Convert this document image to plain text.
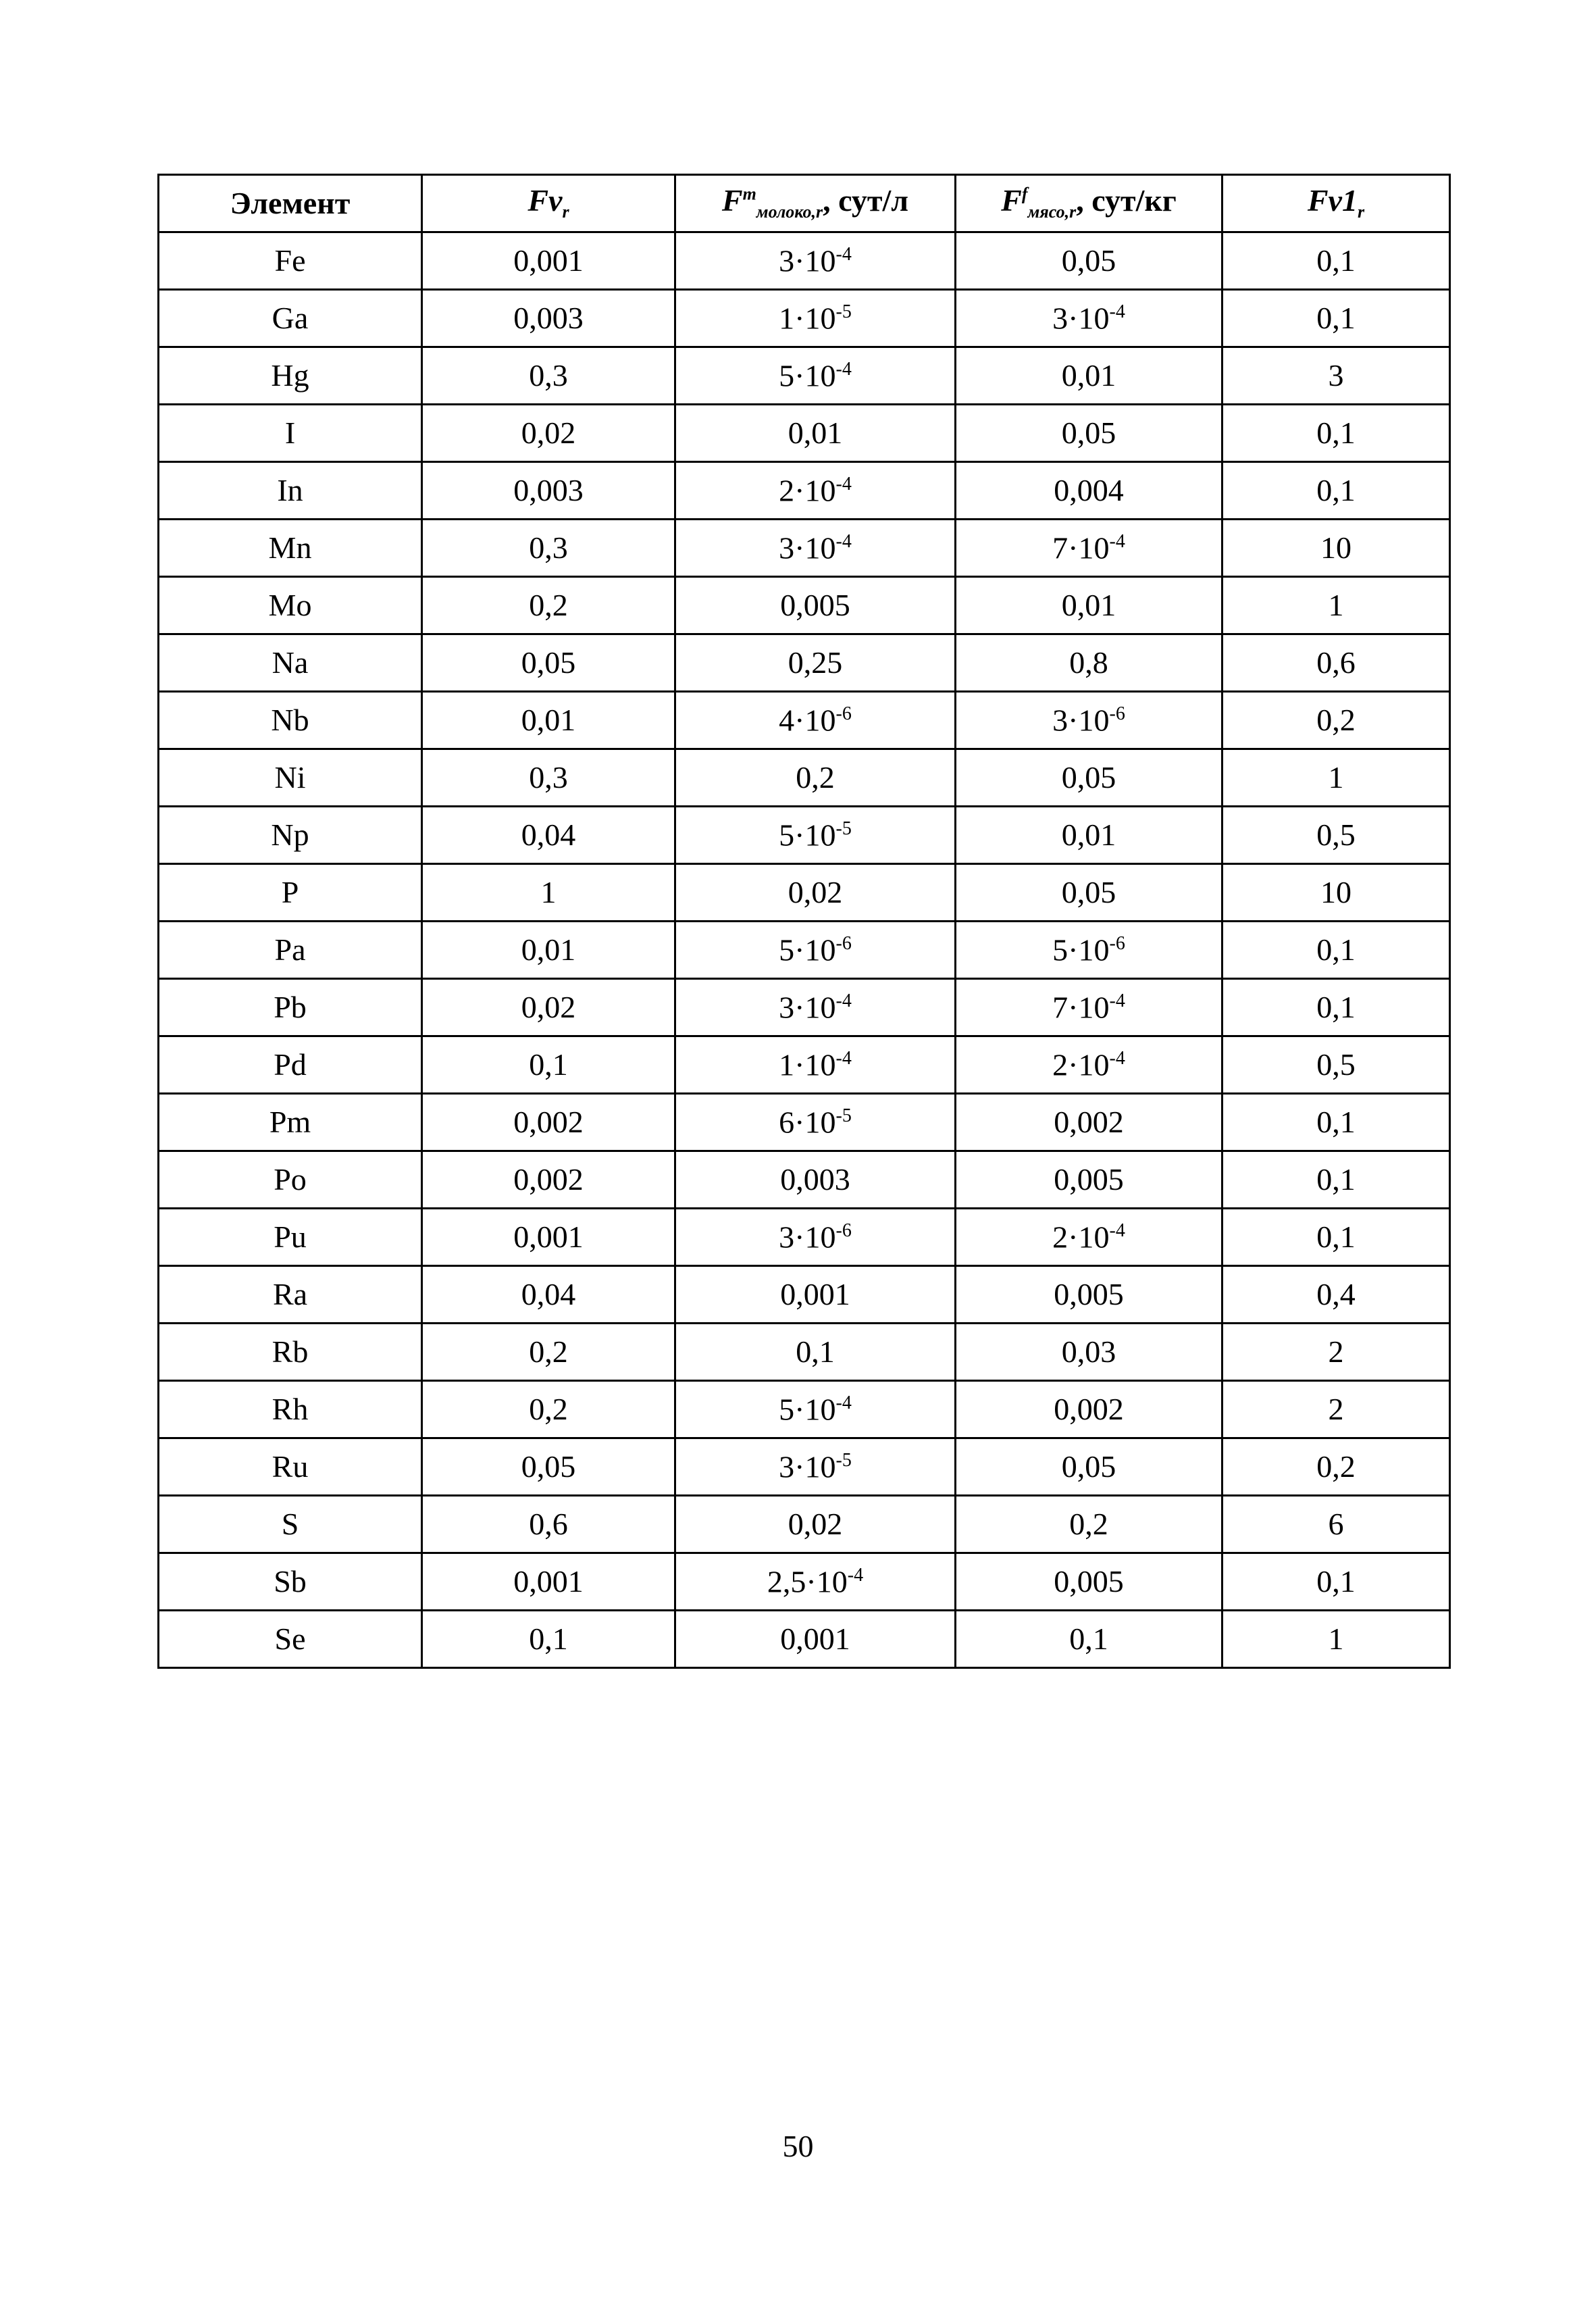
Элемент	$Fv_r$	$F^m_{молоко,r}$, сут/л	$F^f_{мясо,r}$, сут/кг	$Fv1_r$
Fe	0,001	$3\cdot 10^{-4}$	0,05	0,1
Ga	0,003	$1\cdot 10^{-5}$	$3\cdot 10^{-4}$	0,1
Hg	0,3	$5\cdot 10^{-4}$	0,01	3
I	0,02	0,01	0,05	0,1
In	0,003	$2\cdot 10^{-4}$	0,004	0,1
Mn	0,3	$3\cdot 10^{-4}$	$7\cdot 10^{-4}$	10
Mo	0,2	0,005	0,01	1
Na	0,05	0,25	0,8	0,6
Nb	0,01	$4\cdot 10^{-6}$	$3\cdot 10^{-6}$	0,2
Ni	0,3	0,2	0,05	1
Np	0,04	$5\cdot 10^{-5}$	0,01	0,5
P	1	0,02	0,05	10
Pa	0,01	$5\cdot 10^{-6}$	$5\cdot 10^{-6}$	0,1
Pb	0,02	$3\cdot 10^{-4}$	$7\cdot 10^{-4}$	0,1
Pd	0,1	$1\cdot 10^{-4}$	$2\cdot 10^{-4}$	0,5
Pm	0,002	$6\cdot 10^{-5}$	0,002	0,1
Po	0,002	0,003	0,005	0,1
Pu	0,001	$3\cdot 10^{-6}$	$2\cdot 10^{-4}$	0,1
Ra	0,04	0,001	0,005	0,4
Rb	0,2	0,1	0,03	2
Rh	0,2	$5\cdot 10^{-4}$	0,002	2
Ru	0,05	$3\cdot 10^{-5}$	0,05	0,2
S	0,6	0,02	0,2	6
Sb	0,001	$2,5\cdot 10^{-4}$	0,005	0,1
Se	0,1	0,001	0,1	1
50
